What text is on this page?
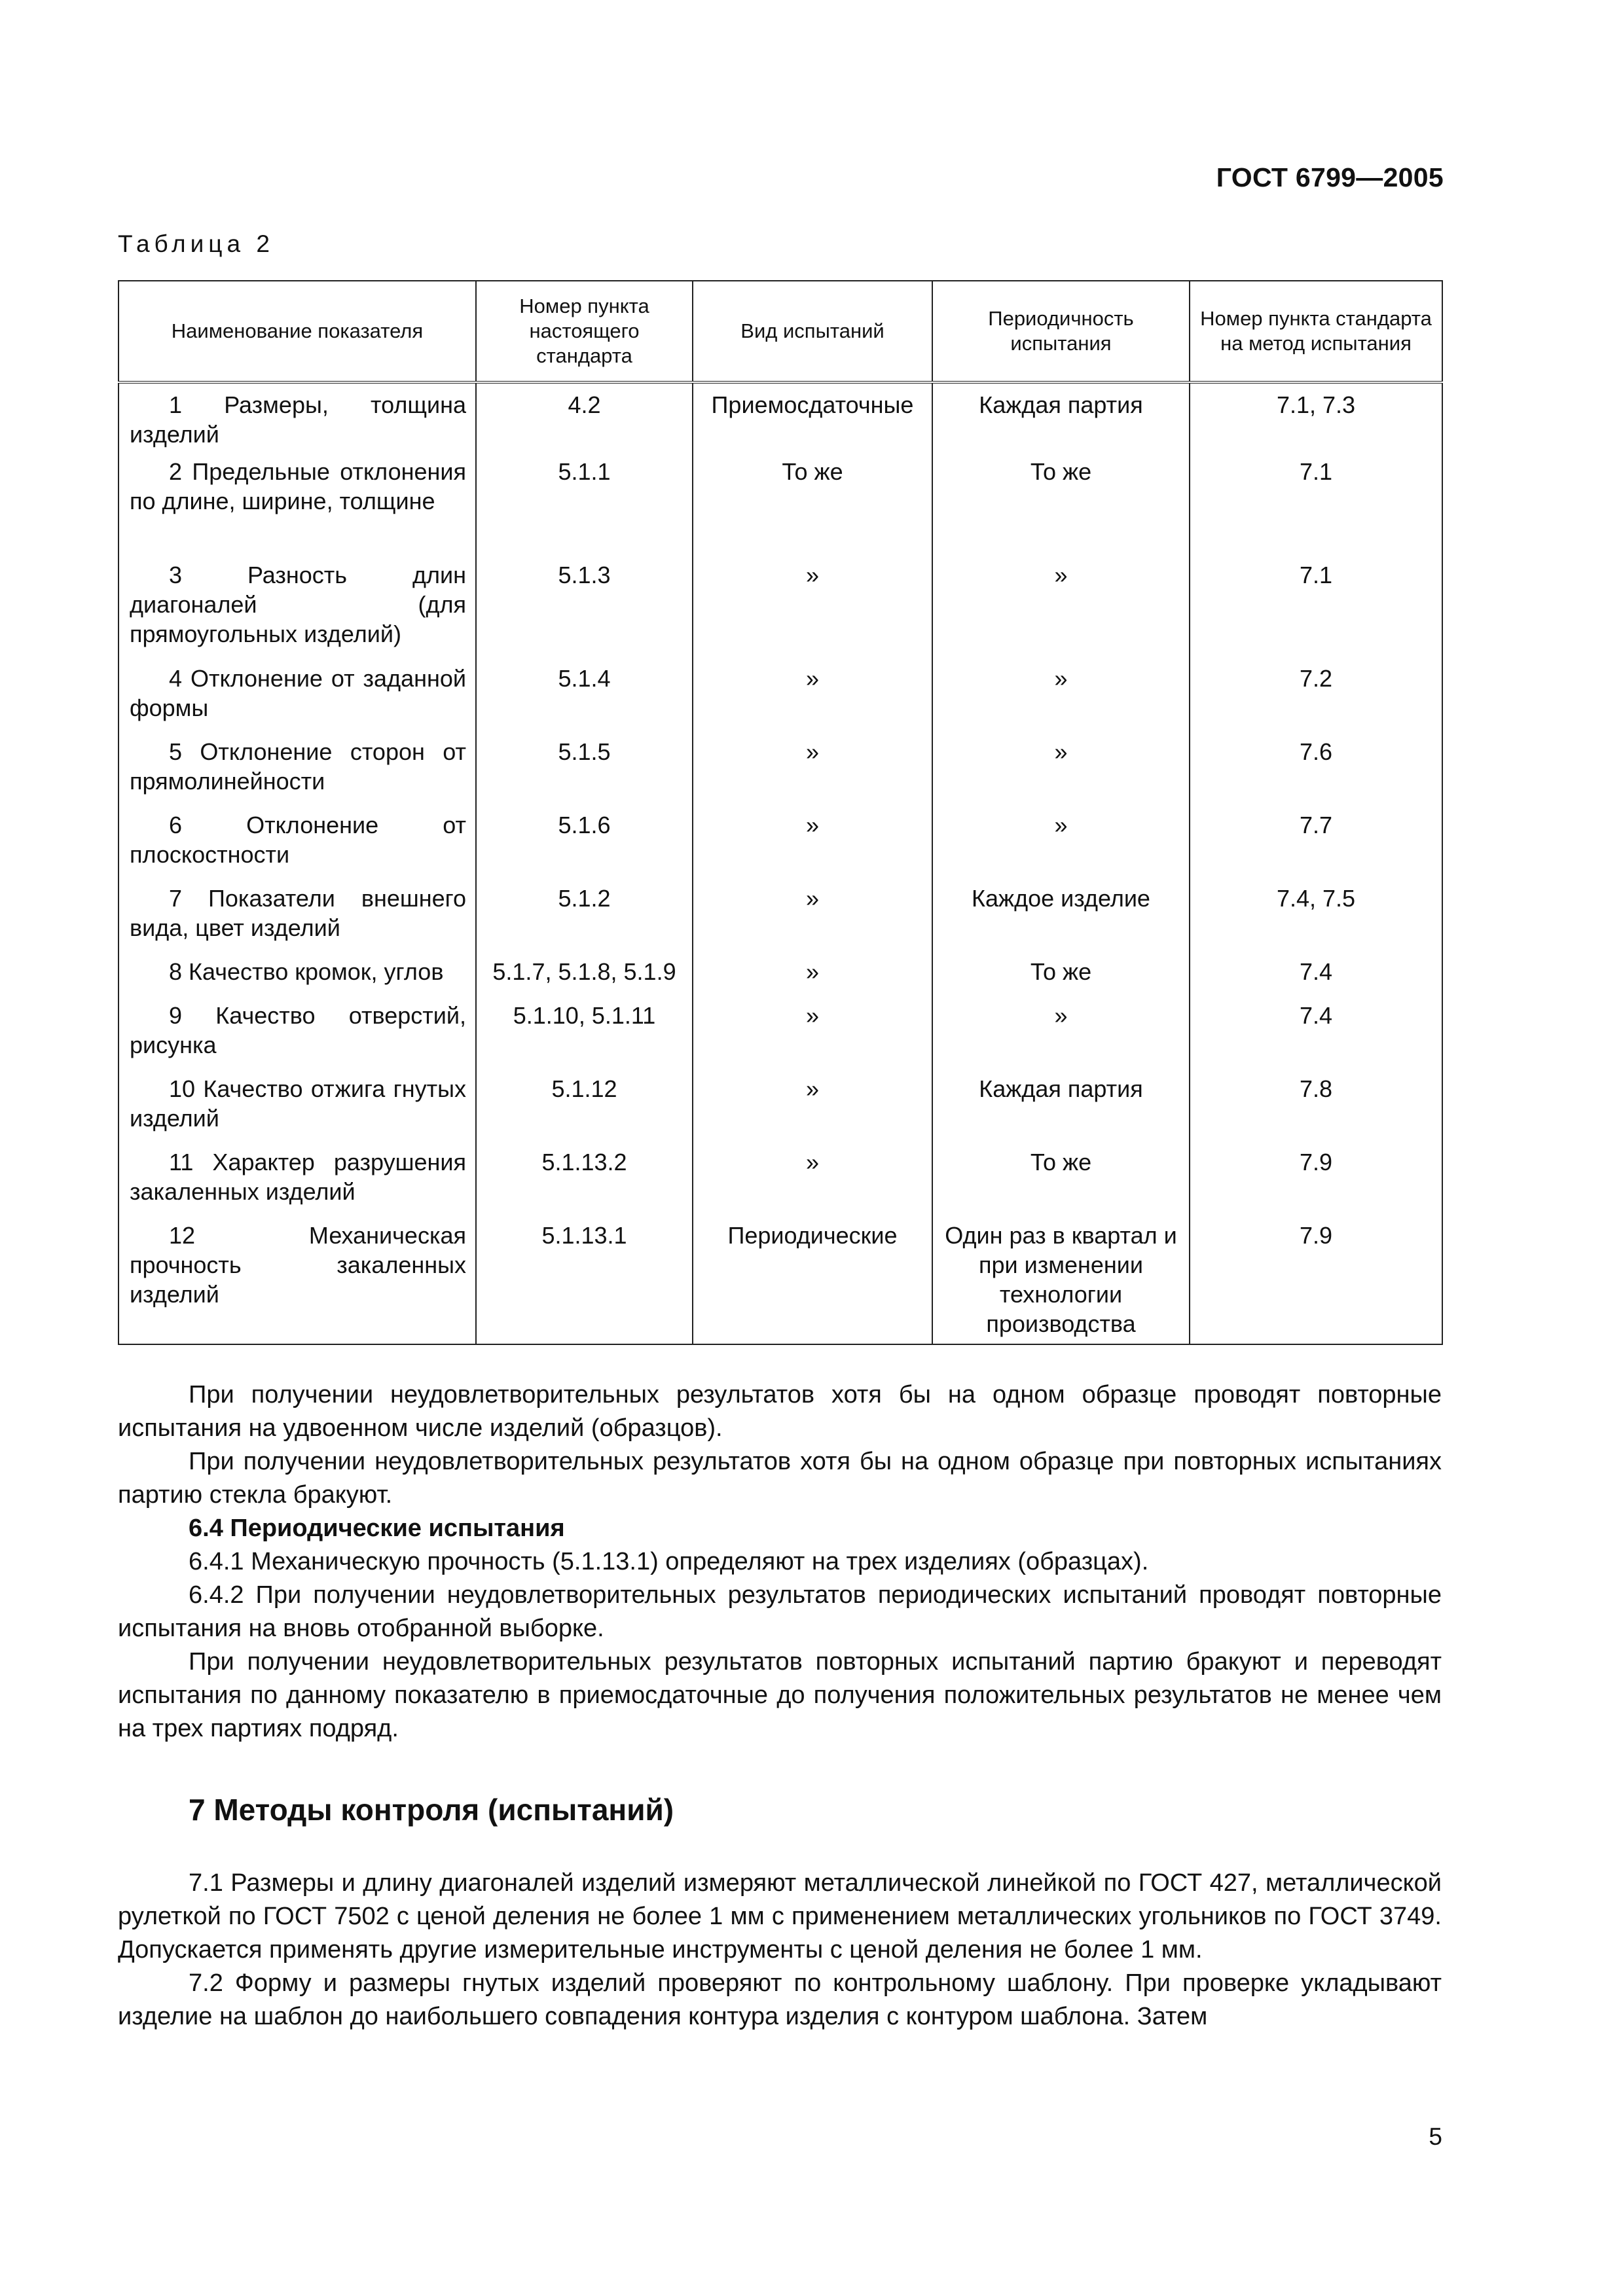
ГОСТ 6799—2005
Таблица 2
Наименование показателя	Номер пункта настоящего стандарта	Вид испытаний	Периодичность испытания	Номер пункта стандарта на метод испытания
1 Размеры, толщина изделий	4.2	Приемосдаточные	Каждая партия	7.1, 7.3
2 Предельные отклонения по длине, ширине, толщине	5.1.1	То же	То же	7.1
3 Разность длин диагоналей (для прямоугольных изделий)	5.1.3	»	»	7.1
4 Отклонение от заданной формы	5.1.4	»	»	7.2
5 Отклонение сторон от прямолинейности	5.1.5	»	»	7.6
6 Отклонение от плоскостности	5.1.6	»	»	7.7
7 Показатели внешнего вида, цвет изделий	5.1.2	»	Каждое изделие	7.4, 7.5
8 Качество кромок, углов	5.1.7, 5.1.8, 5.1.9	»	То же	7.4
9 Качество отверстий, рисунка	5.1.10, 5.1.11	»	»	7.4
10 Качество отжига гнутых изделий	5.1.12	»	Каждая партия	7.8
11 Характер разрушения закаленных изделий	5.1.13.2	»	То же	7.9
12 Механическая прочность закаленных изделий	5.1.13.1	Периодические	Один раз в квартал и при изменении технологии производства	7.9

При получении неудовлетворительных результатов хотя бы на одном образце проводят повторные испытания на удвоенном числе изделий (образцов).

При получении неудовлетворительных результатов хотя бы на одном образце при повторных испытаниях партию стекла бракуют.

6.4 Периодические испытания

6.4.1 Механическую прочность (5.1.13.1) определяют на трех изделиях (образцах).

6.4.2 При получении неудовлетворительных результатов периодических испытаний проводят повторные испытания на вновь отобранной выборке.

При получении неудовлетворительных результатов повторных испытаний партию бракуют и переводят испытания по данному показателю в приемосдаточные до получения положительных результатов не менее чем на трех партиях подряд.

7 Методы контроля (испытаний)

7.1 Размеры и длину диагоналей изделий измеряют металлической линейкой по ГОСТ 427, металлической рулеткой по ГОСТ 7502 с ценой деления не более 1 мм с применением металлических угольников по ГОСТ 3749. Допускается применять другие измерительные инструменты с ценой деления не более 1 мм.

7.2 Форму и размеры гнутых изделий проверяют по контрольному шаблону. При проверке укладывают изделие на шаблон до наибольшего совпадения контура изделия с контуром шаблона. Затем

5
